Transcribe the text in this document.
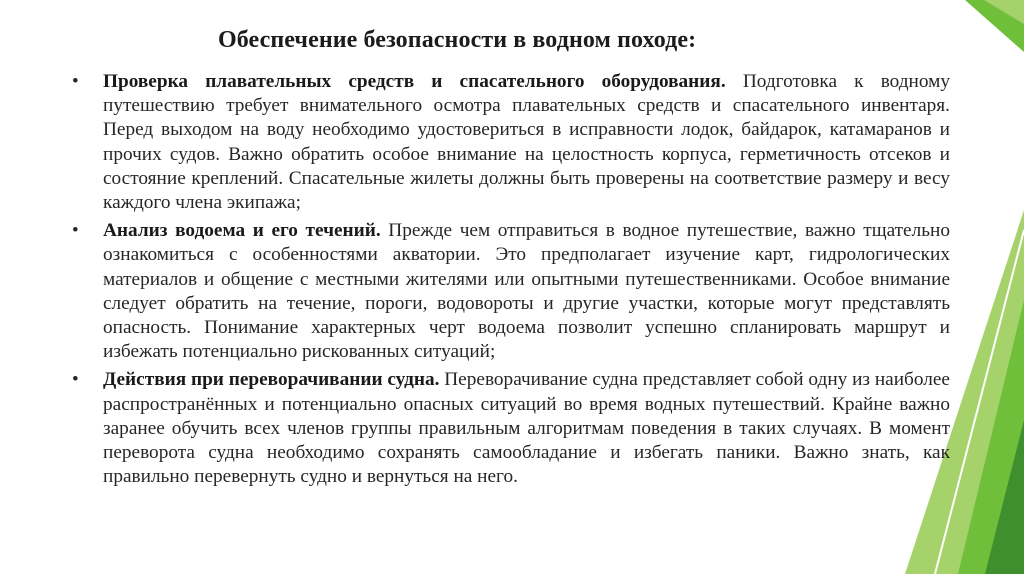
Обеспечение безопасности в водном походе:
• Проверка плавательных средств и спасательного оборудования. Подготовка к водному путешествию требует внимательного осмотра плавательных средств и спасательного инвентаря. Перед выходом на воду необходимо удостовериться в исправности лодок, байдарок, катамаранов и прочих судов. Важно обратить особое внимание на целостность корпуса, герметичность отсеков и состояние креплений. Спасательные жилеты должны быть проверены на соответствие размеру и весу каждого члена экипажа;
• Анализ водоема и его течений. Прежде чем отправиться в водное путешествие, важно тщательно ознакомиться с особенностями акватории. Это предполагает изучение карт, гидрологических материалов и общение с местными жителями или опытными путешественниками. Особое внимание следует обратить на течение, пороги, водовороты и другие участки, которые могут представлять опасность. Понимание характерных черт водоема позволит успешно спланировать маршрут и избежать потенциально рискованных ситуаций;
• Действия при переворачивании судна. Переворачивание судна представляет собой одну из наиболее распространённых и потенциально опасных ситуаций во время водных путешествий. Крайне важно заранее обучить всех членов группы правильным алгоритмам поведения в таких случаях. В момент переворота судна необходимо сохранять самообладание и избегать паники. Важно знать, как правильно перевернуть судно и вернуться на него.
